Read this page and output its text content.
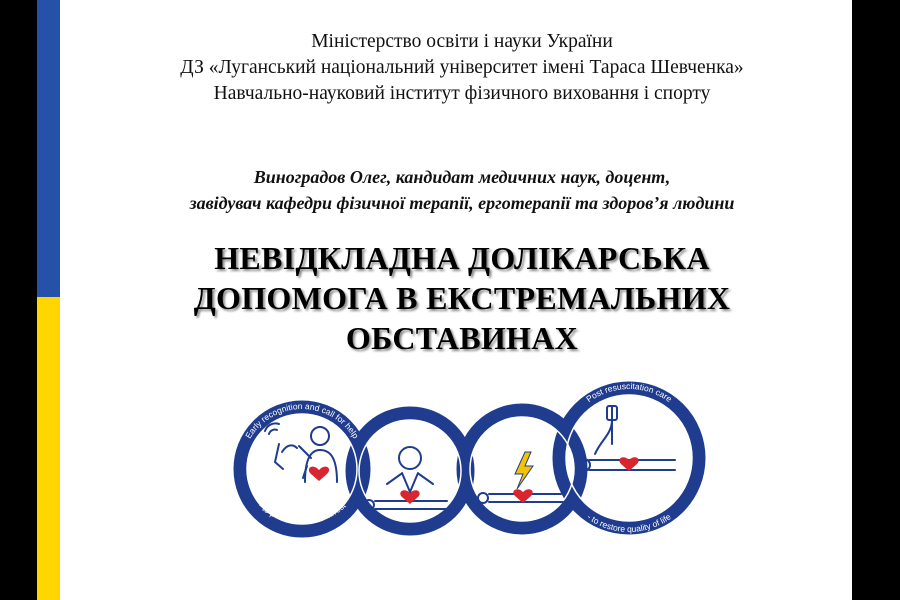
Міністерство освіти і науки України
ДЗ «Луганський національний університет імені Тараса Шевченка»
Навчально-науковий інститут фізичного виховання і спорту
Виноградов Олег, кандидат медичних наук, доцент,
завідувач кафедри фізичної терапії, ерготерапії та здоров’я людини
НЕВІДКЛАДНА ДОЛІКАРСЬКА
ДОПОМОГА В ЕКСТРЕМАЛЬНИХ
ОБСТАВИНАХ
Early recognition and call for help
- to prevent cardiac arrest
Early CPR
- to buy time
Early Defibrillation
- to restart the heart
Post resuscitation care
- to restore quality of life
